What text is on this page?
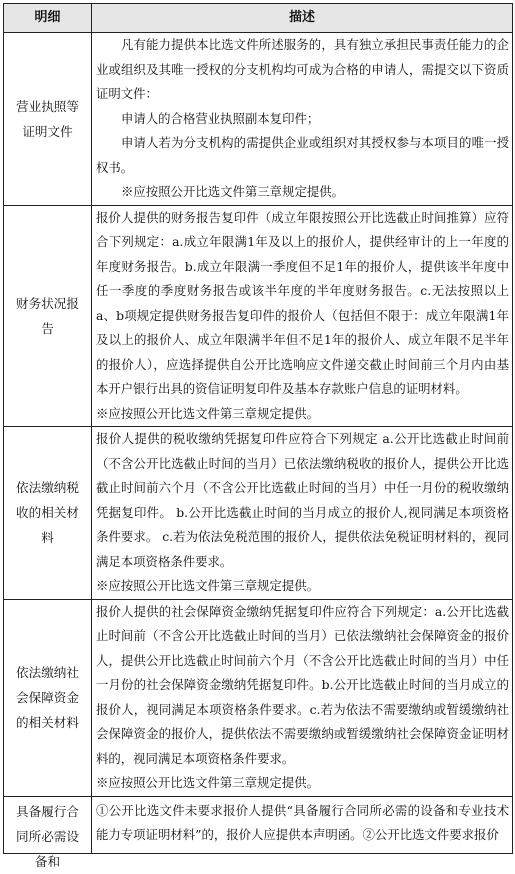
明细	描述
营业执照等证明文件	凡有能力提供本比选文件所述服务的，具有独立承担民事责任能力的企业或组织及其唯一授权的分支机构均可成为合格的申请人，需提交以下资质证明文件：
申请人的合格营业执照副本复印件；
申请人若为分支机构的需提供企业或组织对其授权参与本项目的唯一授权书。
※应按照公开比选文件第三章规定提供。

财务状况报告	报价人提供的财务报告复印件（成立年限按照公开比选截止时间推算）应符合下列规定：a.成立年限满1年及以上的报价人，提供经审计的上一年度的年度财务报告。b.成立年限满一季度但不足1年的报价人，提供该半年度中任一季度的季度财务报告或该半年度的半年度财务报告。c.无法按照以上a、b项规定提供财务报告复印件的报价人（包括但不限于：成立年限满1年及以上的报价人、成立年限满半年但不足1年的报价人、成立年限不足半年的报价人），应选择提供自公开比选响应文件递交截止时间前三个月内由基本开户银行出具的资信证明复印件及基本存款账户信息的证明材料。
※应按照公开比选文件第三章规定提供。

依法缴纳税收的相关材料	报价人提供的税收缴纳凭据复印件应符合下列规定 a.公开比选截止时间前（不含公开比选截止时间的当月）已依法缴纳税收的报价人，提供公开比选截止时间前六个月（不含公开比选截止时间的当月）中任一月份的税收缴纳凭据复印件。 b.公开比选截止时间的当月成立的报价人,视同满足本项资格条件要求。 c.若为依法免税范围的报价人，提供依法免税证明材料的，视同满足本项资格条件要求。
※应按照公开比选文件第三章规定提供。

依法缴纳社会保障资金的相关材料	报价人提供的社会保障资金缴纳凭据复印件应符合下列规定：a.公开比选截止时间前（不含公开比选截止时间的当月）已依法缴纳社会保障资金的报价人，提供公开比选截止时间前六个月（不含公开比选截止时间的当月）中任一月份的社会保障资金缴纳凭据复印件。b.公开比选截止时间的当月成立的报价人，视同满足本项资格条件要求。c.若为依法不需要缴纳或暂缓缴纳社会保障资金的报价人，提供依法不需要缴纳或暂缓缴纳社会保障资金证明材料的，视同满足本项资格条件要求。
※应按照公开比选文件第三章规定提供。

具备履行合同所必需设备和	①公开比选文件未要求报价人提供“具备履行合同所必需的设备和专业技术能力专项证明材料”的，报价人应提供本声明函。②公开比选文件要求报价
